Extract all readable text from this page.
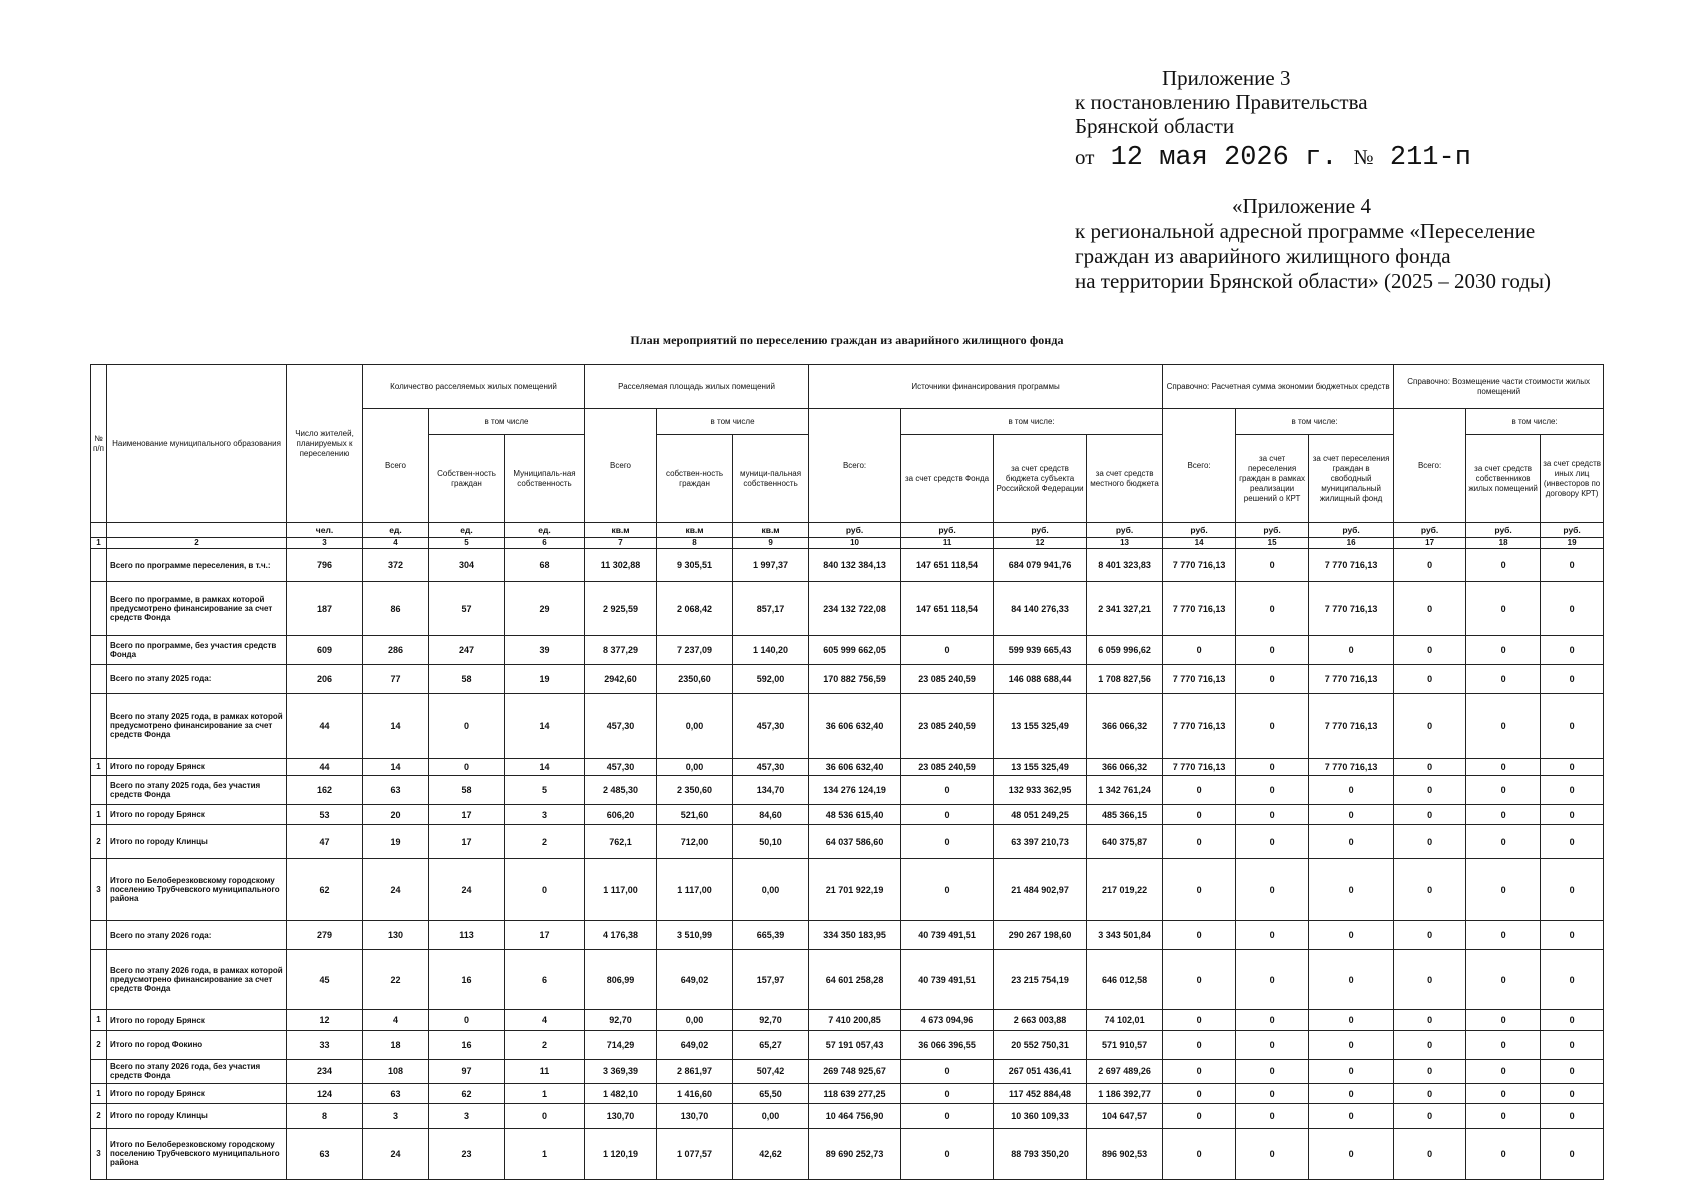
Приложение 3
к постановлению Правительства
Брянской области
от 12 мая 2026 г. № 211-п
«Приложение 4
к региональной адресной программе «Переселение
граждан из аварийного жилищного фонда
на территории Брянской области» (2025 – 2030 годы)
План мероприятий по переселению граждан из аварийного жилищного фонда
№ п/п	Наименование муниципального образования	Число жителей, планируемых к переселению	Количество расселяемых жилых помещений			Расселяемая площадь жилых помещений			Источники финансирования программы				Справочно: Расчетная сумма экономии бюджетных средств			Справочно: Возмещение части стоимости жилых помещений		
			Всего	в том числе		Всего	в том числе		Всего:	в том числе:			Всего:	в том числе:		Всего:	в том числе:	
				Собствен-ность граждан	Муниципаль-ная собственность		собствен-ность граждан	муници-пальная собственность		за счет средств Фонда	за счет средств бюджета субъекта Российской Федерации	за счет средств местного бюджета		за счет переселения граждан в рамках реализации решений о КРТ	за счет переселения граждан в свободный муниципальный жилищный фонд		за счет средств собственников жилых помещений	за счет средств иных лиц (инвесторов по договору КРТ)
		чел.	ед.	ед.	ед.	кв.м	кв.м	кв.м	руб.	руб.	руб.	руб.	руб.	руб.	руб.	руб.	руб.	руб.
1	2	3	4	5	6	7	8	9	10	11	12	13	14	15	16	17	18	19
	Всего по программе переселения, в т.ч.:	796	372	304	68	11 302,88	9 305,51	1 997,37	840 132 384,13	147 651 118,54	684 079 941,76	8 401 323,83	7 770 716,13	0	7 770 716,13	0	0	0
	Всего по программе, в рамках которой предусмотрено финансирование за счет средств Фонда	187	86	57	29	2 925,59	2 068,42	857,17	234 132 722,08	147 651 118,54	84 140 276,33	2 341 327,21	7 770 716,13	0	7 770 716,13	0	0	0
	Всего по программе, без участия средств Фонда	609	286	247	39	8 377,29	7 237,09	1 140,20	605 999 662,05	0	599 939 665,43	6 059 996,62	0	0	0	0	0	0
	Всего по этапу 2025 года:	206	77	58	19	2942,60	2350,60	592,00	170 882 756,59	23 085 240,59	146 088 688,44	1 708 827,56	7 770 716,13	0	7 770 716,13	0	0	0
	Всего по этапу 2025 года, в рамках которой предусмотрено финансирование за счет средств Фонда	44	14	0	14	457,30	0,00	457,30	36 606 632,40	23 085 240,59	13 155 325,49	366 066,32	7 770 716,13	0	7 770 716,13	0	0	0
1	Итого по городу Брянск	44	14	0	14	457,30	0,00	457,30	36 606 632,40	23 085 240,59	13 155 325,49	366 066,32	7 770 716,13	0	7 770 716,13	0	0	0
	Всего по этапу 2025 года, без участия средств Фонда	162	63	58	5	2 485,30	2 350,60	134,70	134 276 124,19	0	132 933 362,95	1 342 761,24	0	0	0	0	0	0
1	Итого по городу Брянск	53	20	17	3	606,20	521,60	84,60	48 536 615,40	0	48 051 249,25	485 366,15	0	0	0	0	0	0
2	Итого по городу Клинцы	47	19	17	2	762,1	712,00	50,10	64 037 586,60	0	63 397 210,73	640 375,87	0	0	0	0	0	0
3	Итого по Белоберезковскому городскому поселению Трубчевского муниципального района	62	24	24	0	1 117,00	1 117,00	0,00	21 701 922,19	0	21 484 902,97	217 019,22	0	0	0	0	0	0
	Всего по этапу 2026 года:	279	130	113	17	4 176,38	3 510,99	665,39	334 350 183,95	40 739 491,51	290 267 198,60	3 343 501,84	0	0	0	0	0	0
	Всего по этапу 2026 года, в рамках которой предусмотрено финансирование за счет средств Фонда	45	22	16	6	806,99	649,02	157,97	64 601 258,28	40 739 491,51	23 215 754,19	646 012,58	0	0	0	0	0	0
1	Итого по городу Брянск	12	4	0	4	92,70	0,00	92,70	7 410 200,85	4 673 094,96	2 663 003,88	74 102,01	0	0	0	0	0	0
2	Итого по город Фокино	33	18	16	2	714,29	649,02	65,27	57 191 057,43	36 066 396,55	20 552 750,31	571 910,57	0	0	0	0	0	0
	Всего по этапу 2026 года, без участия средств Фонда	234	108	97	11	3 369,39	2 861,97	507,42	269 748 925,67	0	267 051 436,41	2 697 489,26	0	0	0	0	0	0
1	Итого по городу Брянск	124	63	62	1	1 482,10	1 416,60	65,50	118 639 277,25	0	117 452 884,48	1 186 392,77	0	0	0	0	0	0
2	Итого по городу Клинцы	8	3	3	0	130,70	130,70	0,00	10 464 756,90	0	10 360 109,33	104 647,57	0	0	0	0	0	0
3	Итого по Белоберезковскому городскому поселению Трубчевского муниципального района	63	24	23	1	1 120,19	1 077,57	42,62	89 690 252,73	0	88 793 350,20	896 902,53	0	0	0	0	0	0
